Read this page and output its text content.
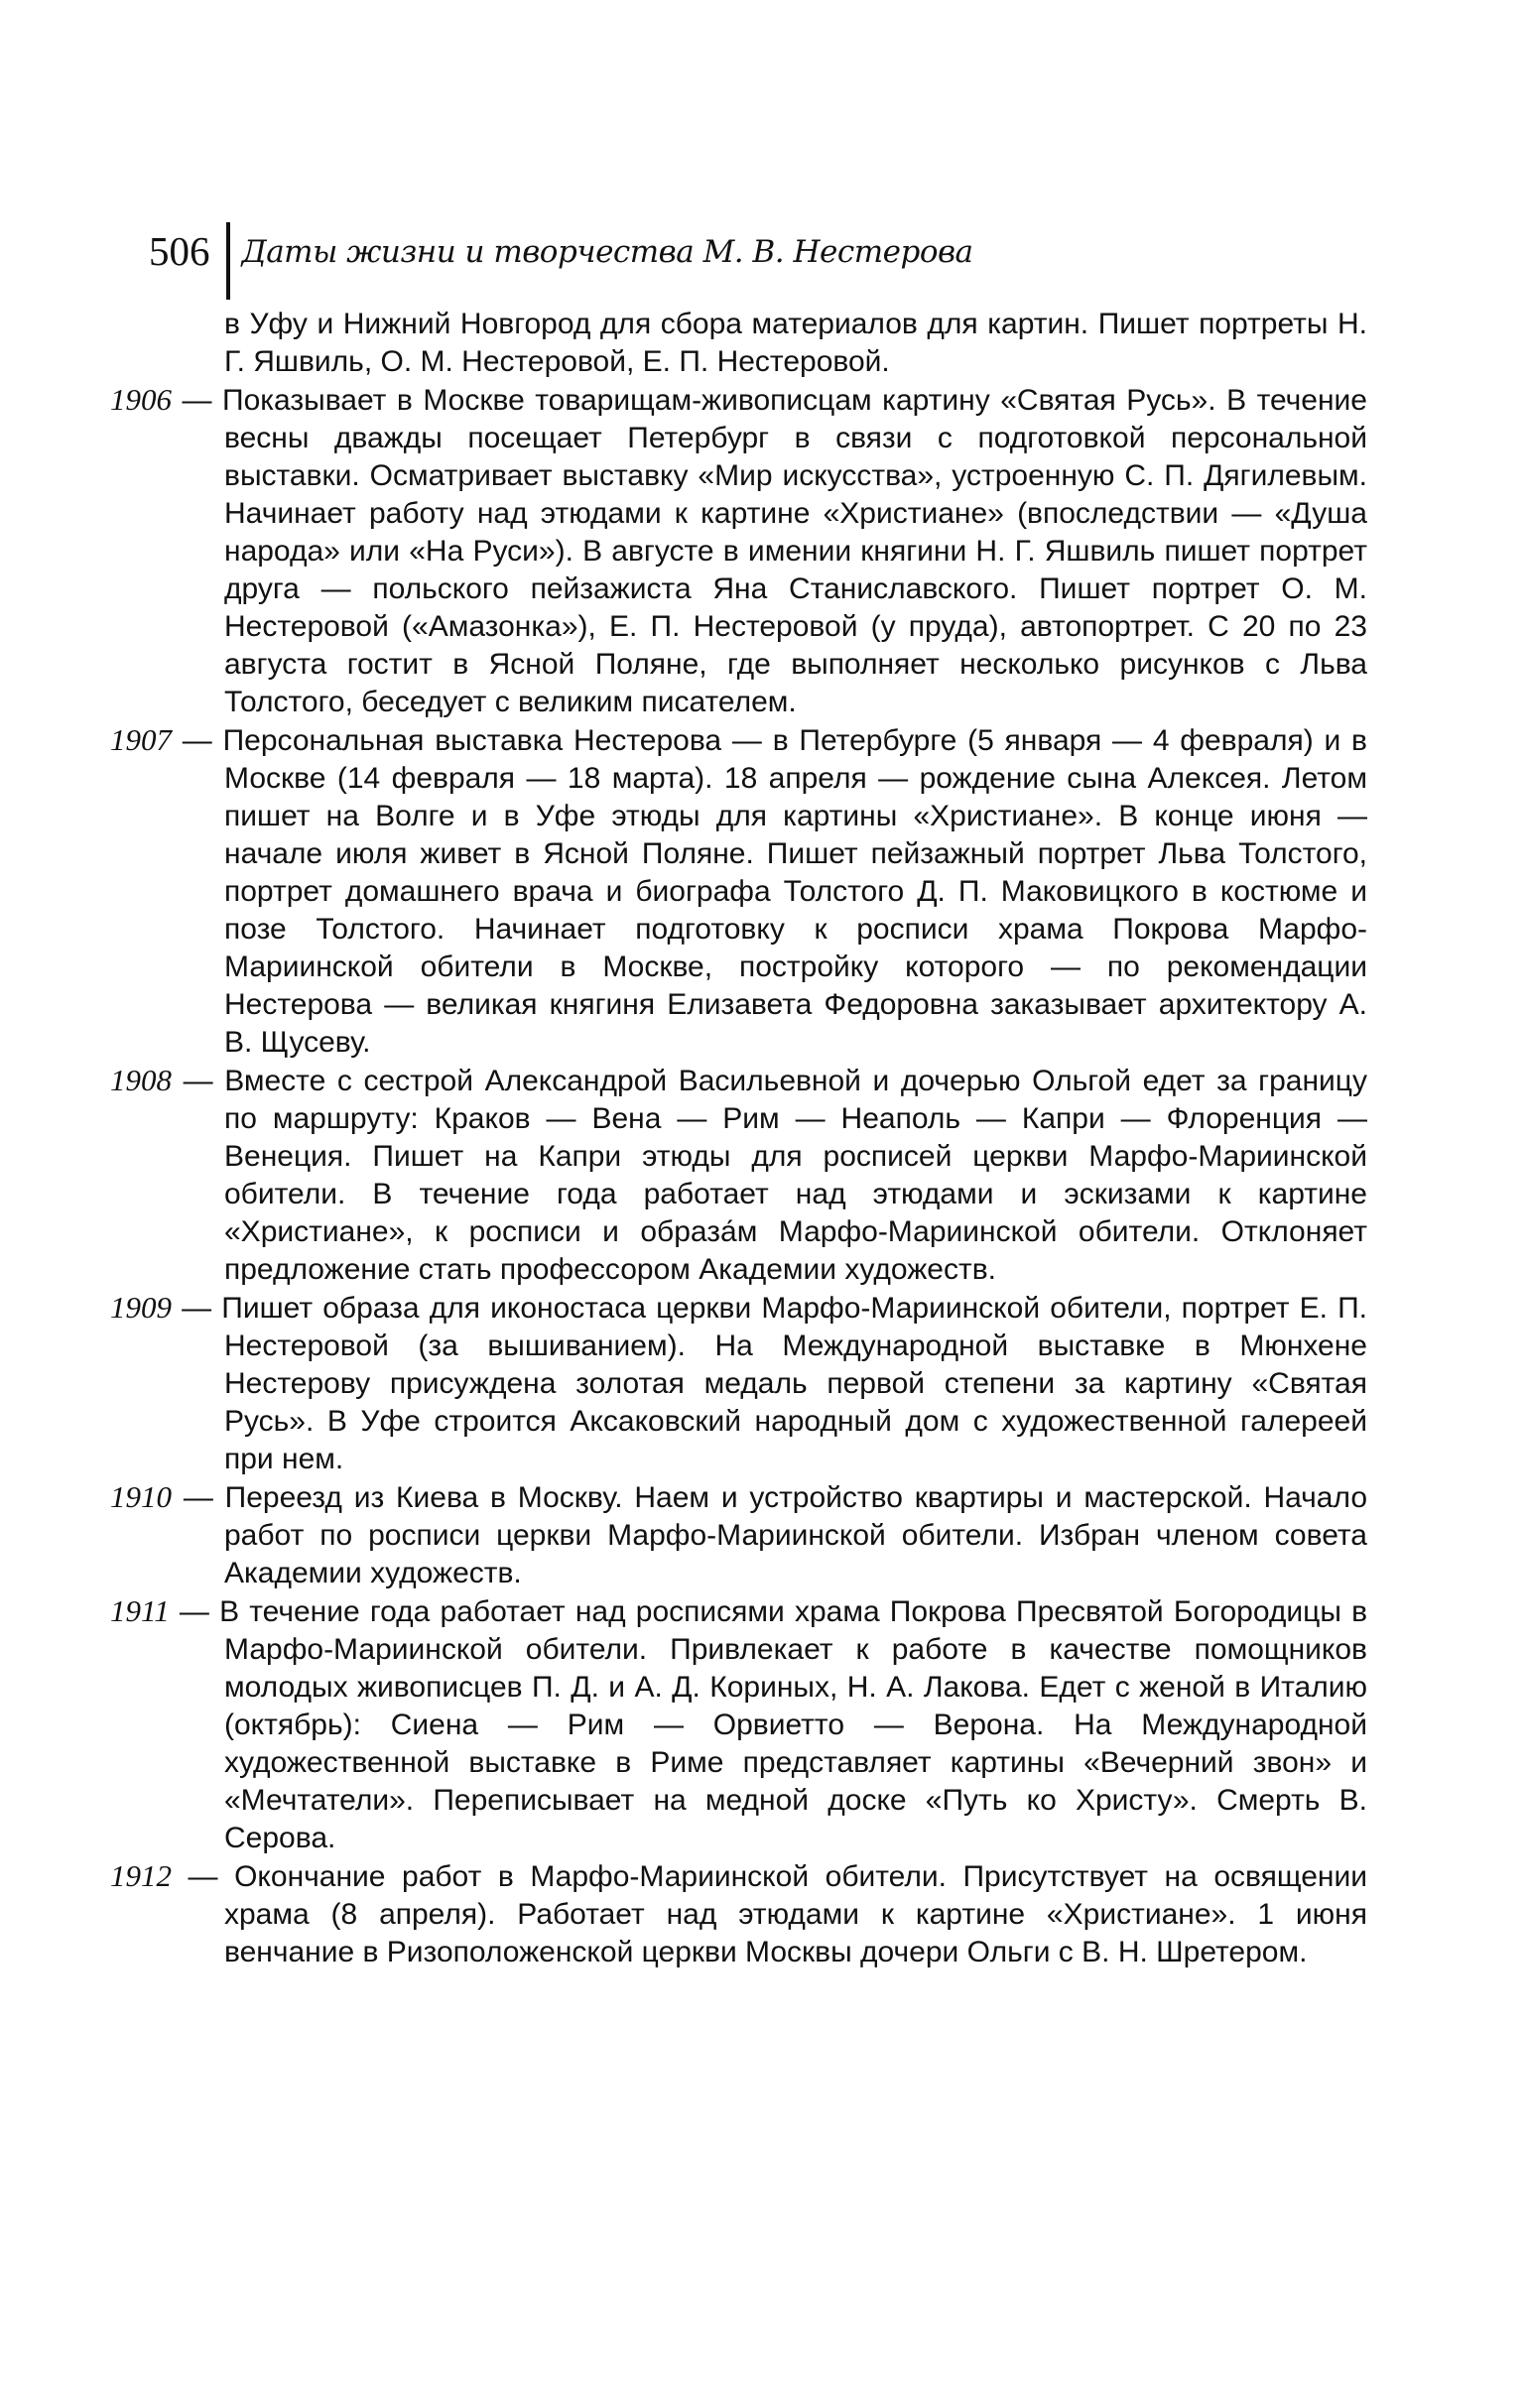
506	Даты жизни и творчества М. В. Нестерова

в Уфу и Нижний Новгород для сбора материалов для картин. Пишет портреты Н. Г. Яшвиль, О. М. Нестеровой, Е. П. Нестеровой.

1906 — Показывает в Москве товарищам-живописцам картину «Святая Русь». В течение весны дважды посещает Петербург в связи с подготовкой персональной выставки. Осматривает выставку «Мир искусства», устроенную С. П. Дягилевым. Начинает работу над этюдами к картине «Христиане» (впоследствии — «Душа народа» или «На Руси»). В августе в имении княгини Н. Г. Яшвиль пишет портрет друга — польского пейзажиста Яна Станиславского. Пишет портрет О. М. Нестеровой («Амазонка»), Е. П. Нестеровой (у пруда), автопортрет. С 20 по 23 августа гостит в Ясной Поляне, где выполняет несколько рисунков с Льва Толстого, беседует с великим писателем.

1907 — Персональная выставка Нестерова — в Петербурге (5 января — 4 февраля) и в Москве (14 февраля — 18 марта). 18 апреля — рождение сына Алексея. Летом пишет на Волге и в Уфе этюды для картины «Христиане». В конце июня — начале июля живет в Ясной Поляне. Пишет пейзажный портрет Льва Толстого, портрет домашнего врача и биографа Толстого Д. П. Маковицкого в костюме и позе Толстого. Начинает подготовку к росписи храма Покрова Марфо-Мариинской обители в Москве, постройку которого — по рекомендации Нестерова — великая княгиня Елизавета Федоровна заказывает архитектору А. В. Щусеву.

1908 — Вместе с сестрой Александрой Васильевной и дочерью Ольгой едет за границу по маршруту: Краков — Вена — Рим — Неаполь — Капри — Флоренция — Венеция. Пишет на Капри этюды для росписей церкви Марфо-Мариинской обители. В течение года работает над этюдами и эскизами к картине «Христиане», к росписи и образа́м Марфо-Мариинской обители. Отклоняет предложение стать профессором Академии художеств.

1909 — Пишет образа для иконостаса церкви Марфо-Мариинской обители, портрет Е. П. Нестеровой (за вышиванием). На Международной выставке в Мюнхене Нестерову присуждена золотая медаль первой степени за картину «Святая Русь». В Уфе строится Аксаковский народный дом с художественной галереей при нем.

1910 — Переезд из Киева в Москву. Наем и устройство квартиры и мастерской. Начало работ по росписи церкви Марфо-Мариинской обители. Избран членом совета Академии художеств.

1911 — В течение года работает над росписями храма Покрова Пресвятой Богородицы в Марфо-Мариинской обители. Привлекает к работе в качестве помощников молодых живописцев П. Д. и А. Д. Кориных, Н. А. Лакова. Едет с женой в Италию (октябрь): Сиена — Рим — Орвиетто — Верона. На Международной художественной выставке в Риме представляет картины «Вечерний звон» и «Мечтатели». Переписывает на медной доске «Путь ко Христу». Смерть В. Серова.

1912 — Окончание работ в Марфо-Мариинской обители. Присутствует на освящении храма (8 апреля). Работает над этюдами к картине «Христиане». 1 июня венчание в Ризоположенской церкви Москвы дочери Ольги с В. Н. Шретером.
